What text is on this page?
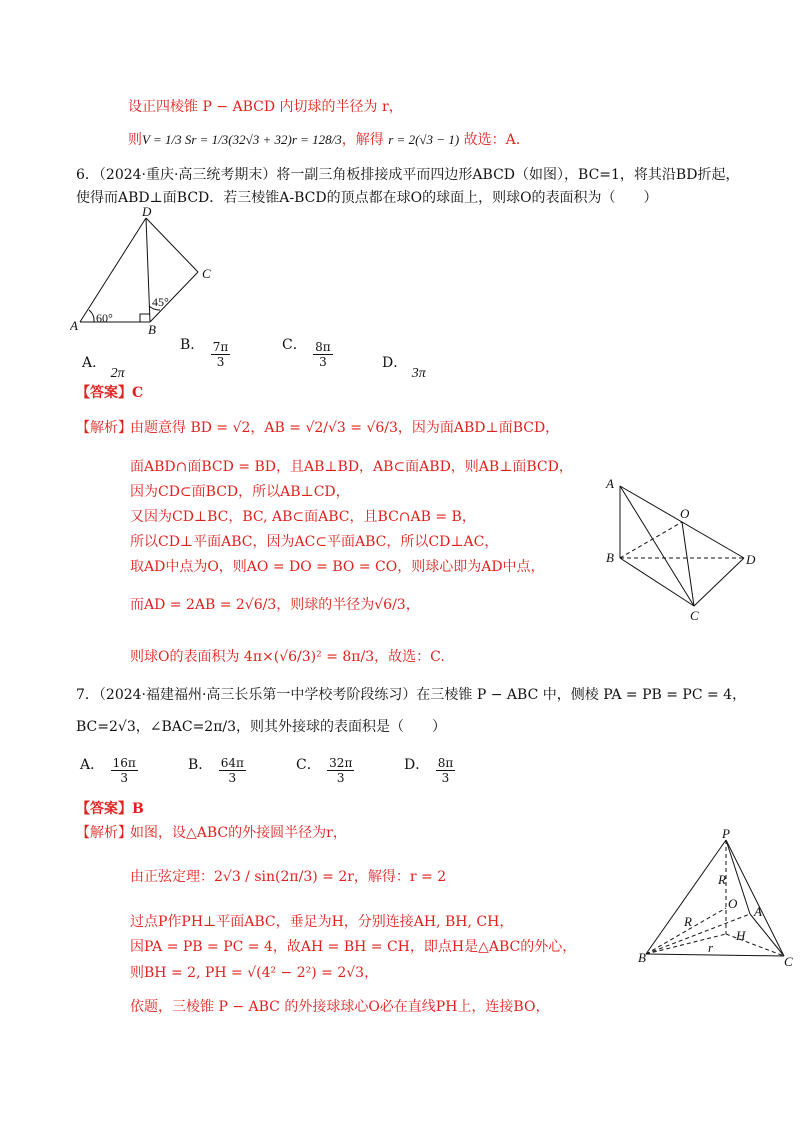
设正四棱锥 P − ABCD 内切球的半径为 r，
则V = 1/3 Sr = 1/3(32√3 + 32)r = 128/3，解得 r = 2(√3 − 1) 故选：A.
6．（2024·重庆·高三统考期末）将一副三角板排接成平而四边形ABCD（如图），BC=1，将其沿BD折起，
使得而ABD⊥面BCD．若三棱锥A-BCD的顶点都在球O的球面上，则球O的表面积为（　　）
D
C
A	B
60°
45°
A． 2π
B． $\frac{7\pi}{3}$	C． $\frac{8\pi}{3}$	D． 3π
【答案】C
【解析】
由题意得 BD = √2，AB = √2/√3 = √6/3，因为面ABD⊥面BCD，
面ABD∩面BCD = BD，且AB⊥BD，AB⊂面ABD，则AB⊥面BCD，
因为CD⊂面BCD，所以AB⊥CD，
又因为CD⊥BC，BC, AB⊂面ABC，且BC∩AB = B，
所以CD⊥平面ABC，因为AC⊂平面ABC，所以CD⊥AC，
取AD中点为O，则AO = DO = BO = CO，则球心即为AD中点，
而AD = 2AB = 2√6/3，则球的半径为√6/3，
则球O的表面积为 4π×(√6/3)² = 8π/3，故选：C.
A
O
B	D
C
7．（2024·福建福州·高三长乐第一中学校考阶段练习）在三棱锥 P − ABC 中，侧棱 PA = PB = PC = 4，
BC=2√3，∠BAC=2π/3，则其外接球的表面积是（　　）
A． $\frac{16\pi}{3}$	B． $\frac{64\pi}{3}$	C． $\frac{32\pi}{3}$	D． $\frac{8\pi}{3}$
【答案】B
【解析】
如图，设△ABC的外接圆半径为r，
由正弦定理：2√3 / sin(2π/3) = 2r，解得：r = 2
过点P作PH⊥平面ABC，垂足为H，分别连接AH, BH, CH，
因PA = PB = PC = 4，故AH = BH = CH，即点H是△ABC的外心，
则BH = 2, PH = √(4² − 2²) = 2√3，
依题，三棱锥 P − ABC 的外接球球心O必在直线PH上，连接BO，
P
R
O
R
A
H
r
B	C
